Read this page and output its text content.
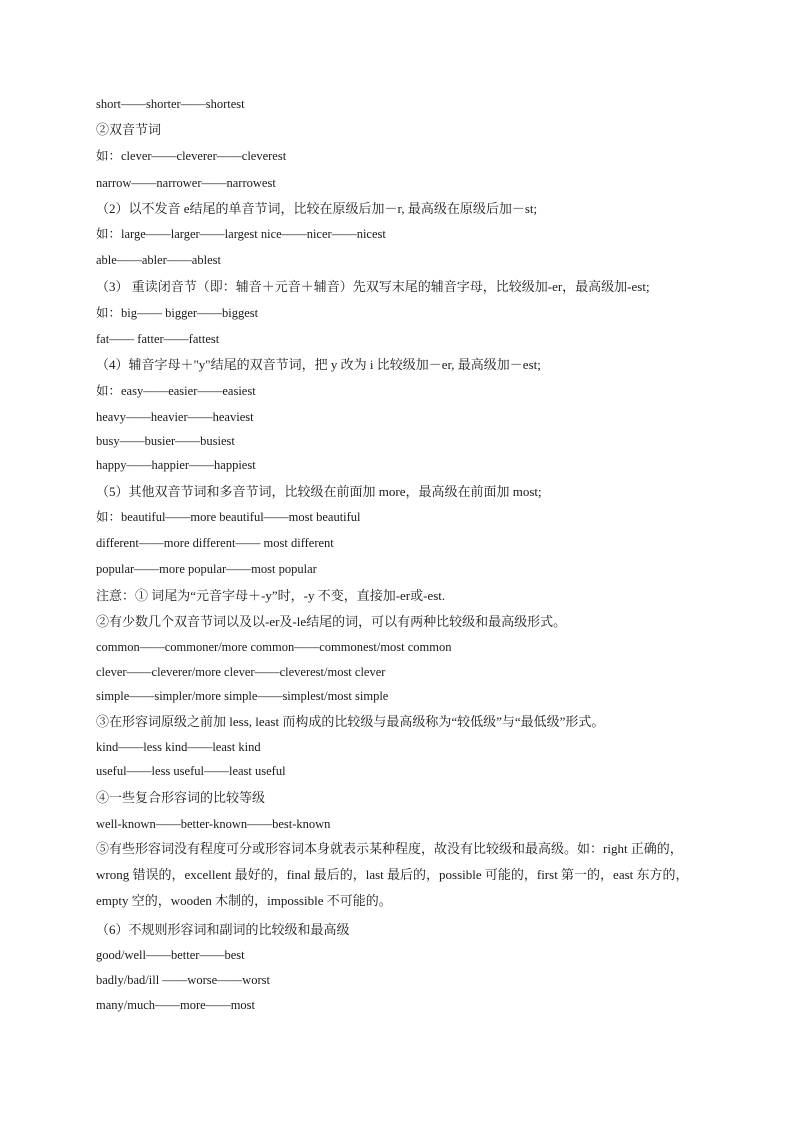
short——shorter——shortest

②双音节词

如：clever——cleverer——cleverest

narrow——narrower——narrowest

（2）以不发音 e结尾的单音节词，比较在原级后加－r, 最高级在原级后加－st;

如：large——larger——largest nice——nicer——nicest

able——abler——ablest

（3） 重读闭音节（即：辅音＋元音＋辅音）先双写末尾的辅音字母，比较级加-er，最高级加-est;

如：big—— bigger——biggest

fat—— fatter——fattest

（4）辅音字母＋"y"结尾的双音节词，把 y 改为 i 比较级加－er, 最高级加－est;

如：easy——easier——easiest

heavy——heavier——heaviest

busy——busier——busiest

happy——happier——happiest

（5）其他双音节词和多音节词，比较级在前面加 more，最高级在前面加 most;

如：beautiful——more beautiful——most beautiful

different——more different—— most different

popular——more popular——most popular

注意：① 词尾为“元音字母＋-y”时，-y 不变，直接加-er或-est.

②有少数几个双音节词以及以-er及-le结尾的词，可以有两种比较级和最高级形式。

common——commoner/more common——commonest/most common

clever——cleverer/more clever——cleverest/most clever

simple——simpler/more simple——simplest/most simple

③在形容词原级之前加 less, least 而构成的比较级与最高级称为“较低级”与“最低级”形式。

kind——less kind——least kind

useful——less useful——least useful

④一些复合形容词的比较等级

well-known——better-known——best-known

⑤有些形容词没有程度可分或形容词本身就表示某种程度，故没有比较级和最高级。如：right 正确的，wrong 错误的，excellent 最好的，final 最后的，last 最后的，possible 可能的，first 第一的，east 东方的，empty 空的，wooden 木制的，impossible 不可能的。

（6）不规则形容词和副词的比较级和最高级

good/well——better——best

badly/bad/ill ——worse——worst

many/much——more——most
